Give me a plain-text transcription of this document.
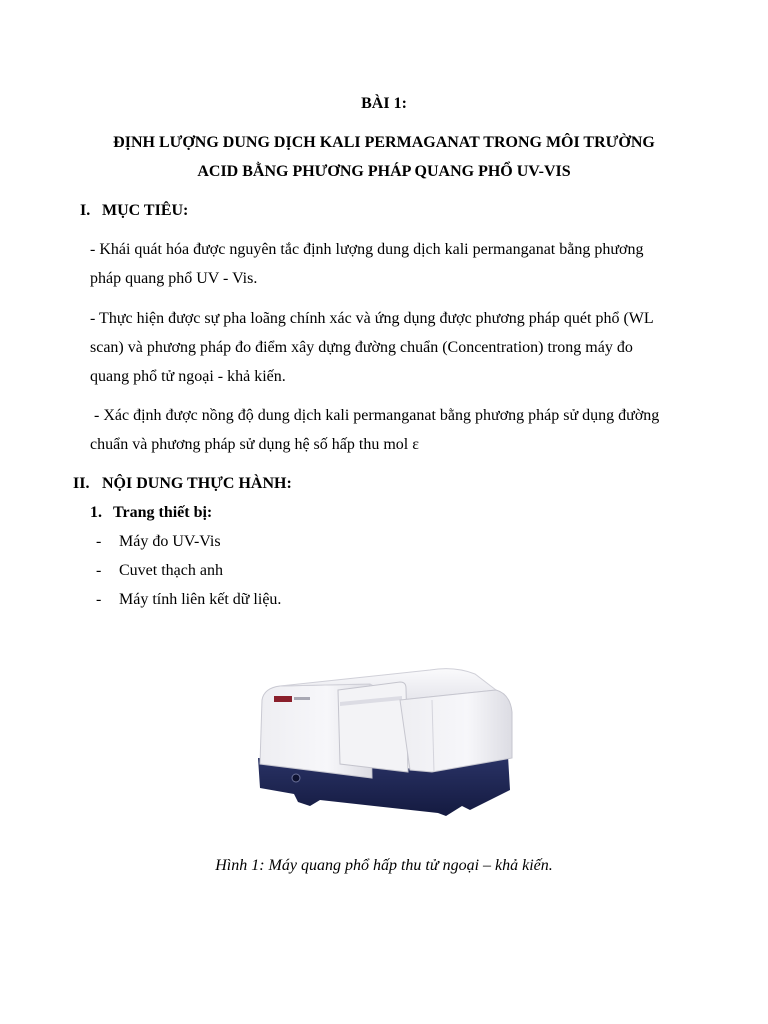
BÀI 1:
ĐỊNH LƯỢNG DUNG DỊCH KALI PERMAGANAT TRONG MÔI TRƯỜNG
ACID BẰNG PHƯƠNG PHÁP QUANG PHỔ UV-VIS
I. MỤC TIÊU:
- Khái quát hóa được nguyên tắc định lượng dung dịch kali permanganat bằng phương
pháp quang phổ UV - Vis.
- Thực hiện được sự pha loãng chính xác và ứng dụng được phương pháp quét phổ (WL
scan) và phương pháp đo điểm xây dựng đường chuẩn (Concentration) trong máy đo
quang phổ tử ngoại - khả kiến.
- Xác định được nồng độ dung dịch kali permanganat bằng phương pháp sử dụng đường
chuẩn và phương pháp sử dụng hệ số hấp thu mol ε
II. NỘI DUNG THỰC HÀNH:
1. Trang thiết bị:
- Máy đo UV-Vis
- Cuvet thạch anh
- Máy tính liên kết dữ liệu.
Hình 1: Máy quang phổ hấp thu tử ngoại – khả kiến.
